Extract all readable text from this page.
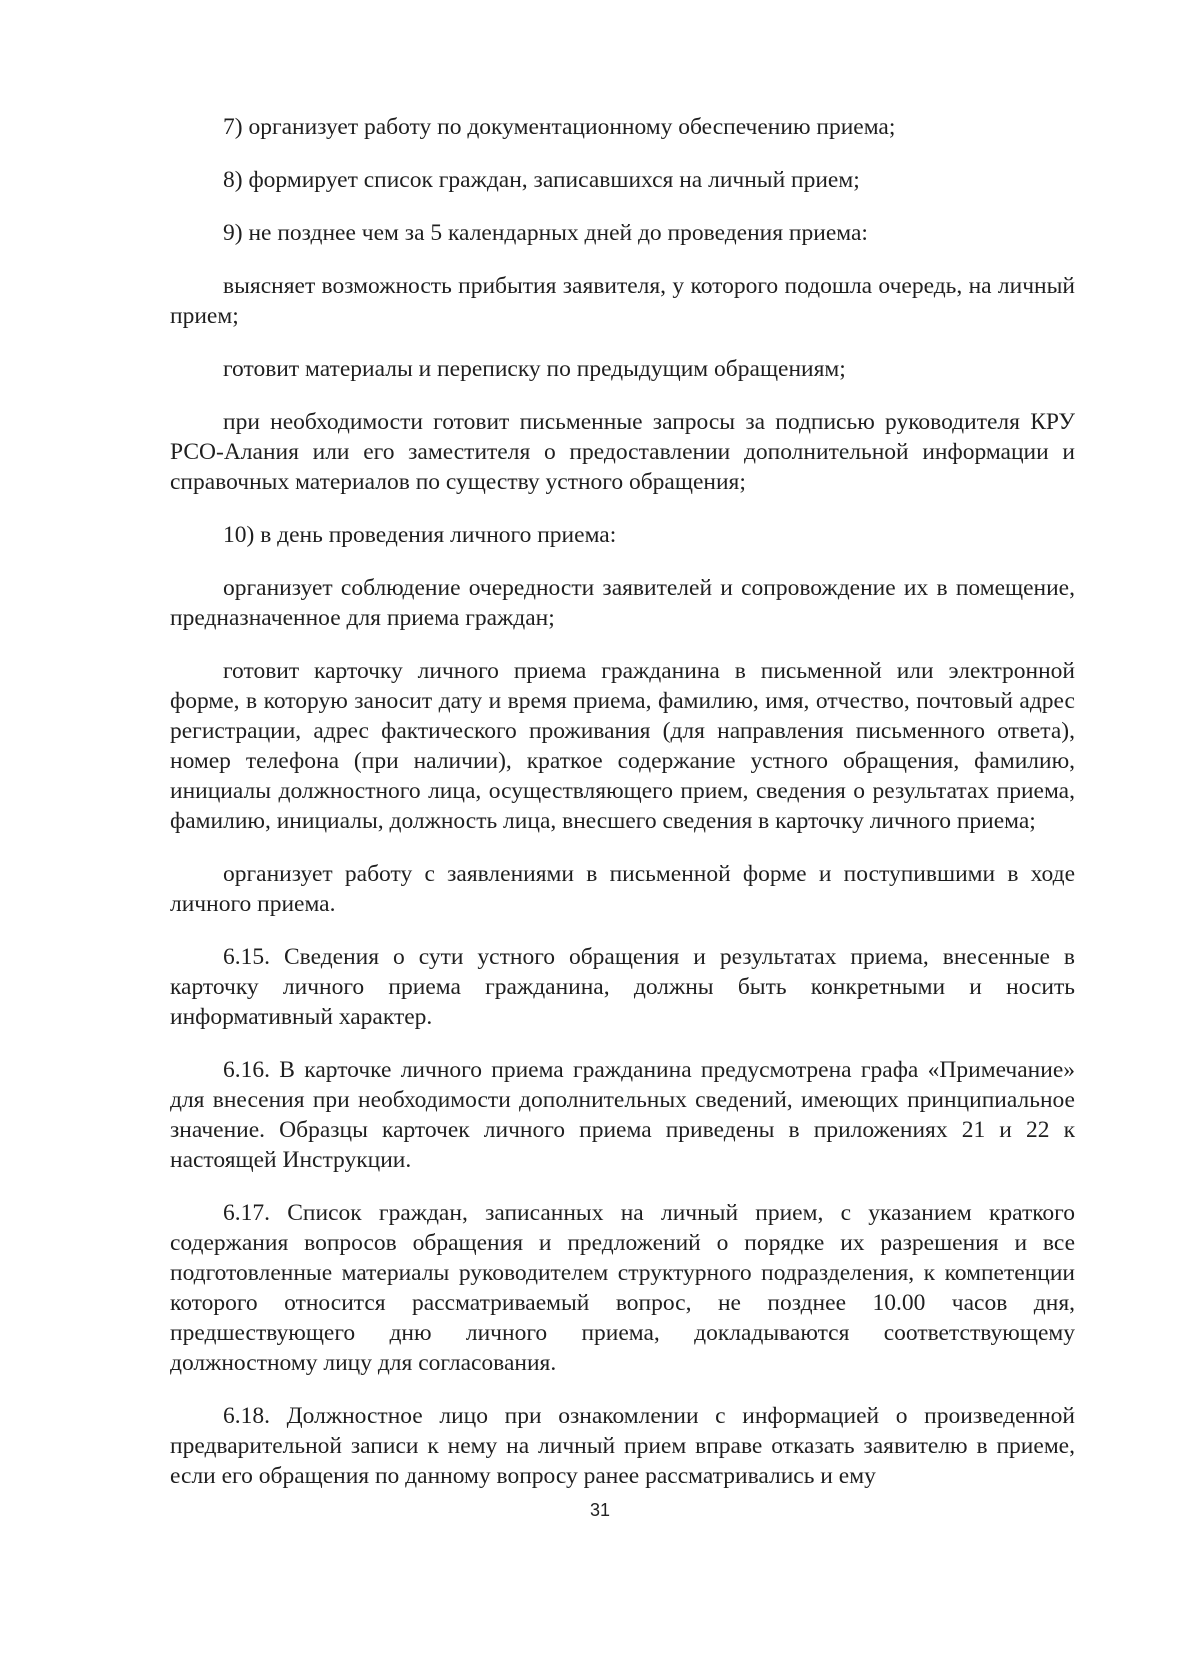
7) организует работу по документационному обеспечению приема;

8) формирует список граждан, записавшихся на личный прием;

9) не позднее чем за 5 календарных дней до проведения приема:

выясняет возможность прибытия заявителя, у которого подошла очередь, на личный прием;

готовит материалы и переписку по предыдущим обращениям;

при необходимости готовит письменные запросы за подписью руководителя КРУ РСО-Алания или его заместителя о предоставлении дополнительной информации и справочных материалов по существу устного обращения;

10) в день проведения личного приема:

организует соблюдение очередности заявителей и сопровождение их в помещение, предназначенное для приема граждан;

готовит карточку личного приема гражданина в письменной или электронной форме, в которую заносит дату и время приема, фамилию, имя, отчество, почтовый адрес регистрации, адрес фактического проживания (для направления письменного ответа), номер телефона (при наличии), краткое содержание устного обращения, фамилию, инициалы должностного лица, осуществляющего прием, сведения о результатах приема, фамилию, инициалы, должность лица, внесшего сведения в карточку личного приема;

организует работу с заявлениями в письменной форме и поступившими в ходе личного приема.

6.15. Сведения о сути устного обращения и результатах приема, внесенные в карточку личного приема гражданина, должны быть конкретными и носить информативный характер.

6.16. В карточке личного приема гражданина предусмотрена графа «Примечание» для внесения при необходимости дополнительных сведений, имеющих принципиальное значение. Образцы карточек личного приема приведены в приложениях 21 и 22 к настоящей Инструкции.

6.17. Список граждан, записанных на личный прием, с указанием краткого содержания вопросов обращения и предложений о порядке их разрешения и все подготовленные материалы руководителем структурного подразделения, к компетенции которого относится рассматриваемый вопрос, не позднее 10.00 часов дня, предшествующего дню личного приема, докладываются соответствующему должностному лицу для согласования.

6.18. Должностное лицо при ознакомлении с информацией о произведенной предварительной записи к нему на личный прием вправе отказать заявителю в приеме, если его обращения по данному вопросу ранее рассматривались и ему

31
